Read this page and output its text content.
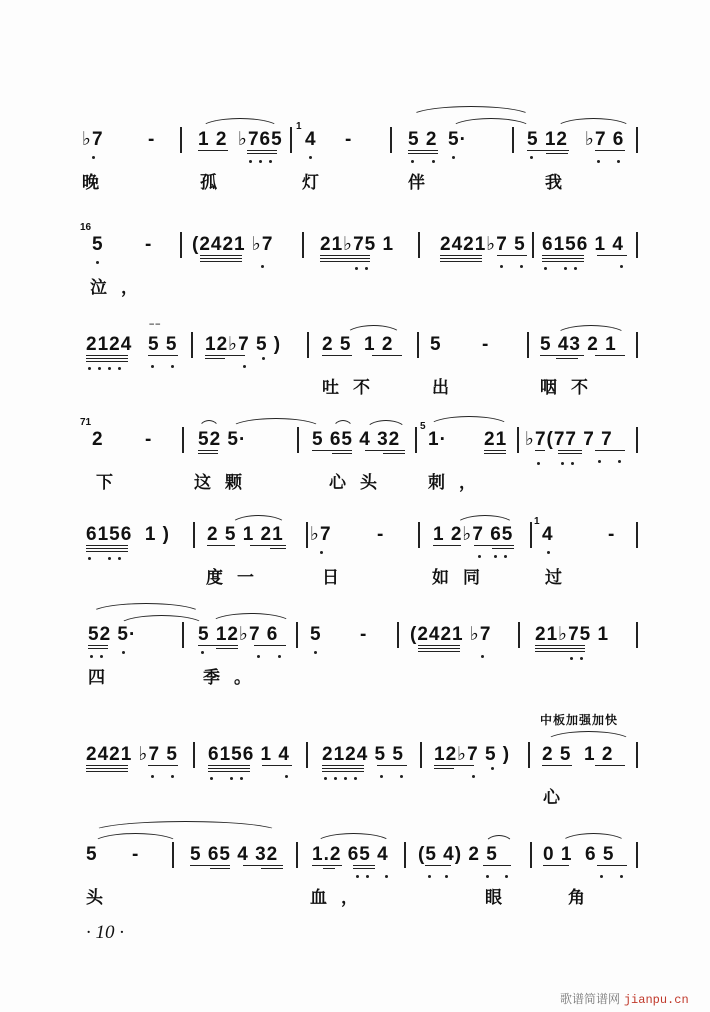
♭7 - 1 2 ♭765
1
4 -	5 2 5·	5 12 ♭7 6
晚	孤	灯	伴	我
16
5 - (2421 ♭7 21♭75 1 2421♭7 5 6156 1 4
泣，
2124 5 5
‾ ‾
12♭7 5 ) 2 5  1 2 5 -	5 43 2 1
吐不	出	咽不
71
2 - 52 5·	5 65 4 32
5
1· 21 ♭7(77 7 7
下	这颗	心头 刺，
6156  1 ) 2 5 1 21 ♭7 -	1 2♭7 65
1
4	-
度一	日	如同	过
52 5·	5 12♭7 6 5 - (2421 ♭7 21♭75 1
四	季。
2421 ♭7 5 6156 1 4 2124 5 5 12♭7 5 ) 2 5  1 2
心
中板加强加快
5 -	5 65 4 32 1.2 65 4 (5 4) 2 5 0 1  6 5
头	血，	眼	角
· 10 ·
歌谱简谱网 jianpu.cn
